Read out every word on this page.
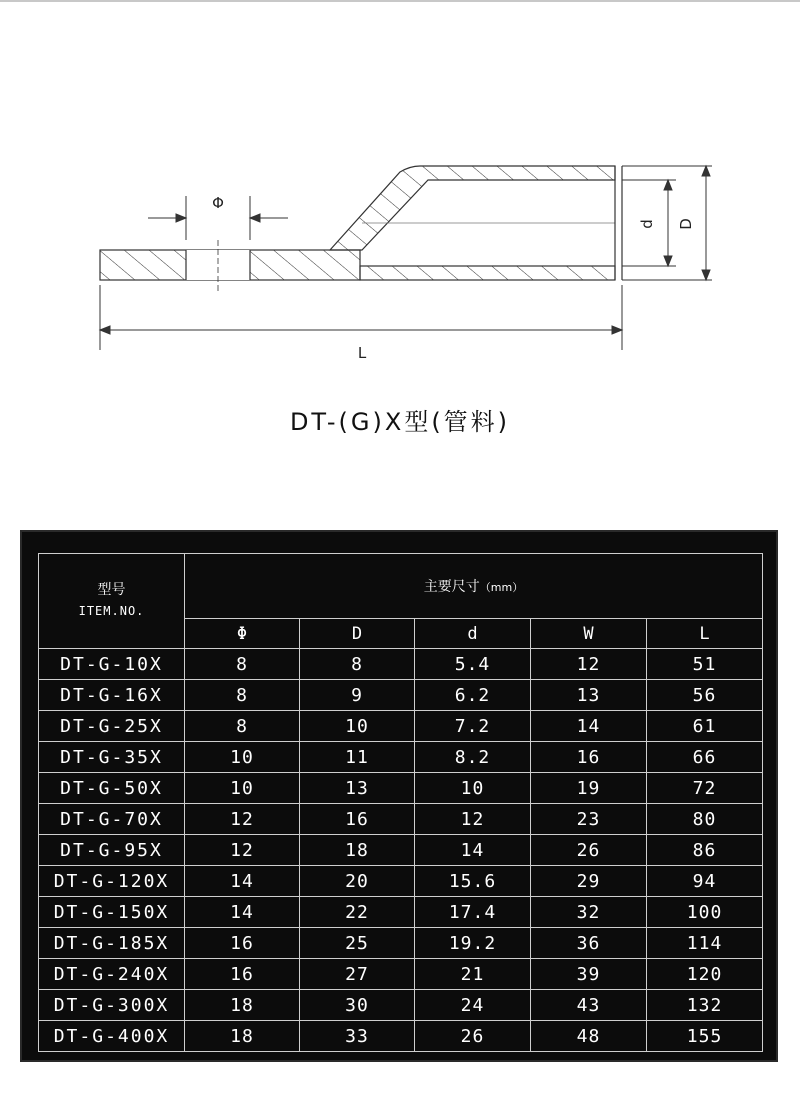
Φ
d D
L
DT-(G)X型(管料)
型号
ITEM.NO.	主要尺寸（mm）				
	Φ	D	d	W	L
DT-G-10X	8	8	5.4	12	51
DT-G-16X	8	9	6.2	13	56
DT-G-25X	8	10	7.2	14	61
DT-G-35X	10	11	8.2	16	66
DT-G-50X	10	13	10	19	72
DT-G-70X	12	16	12	23	80
DT-G-95X	12	18	14	26	86
DT-G-120X	14	20	15.6	29	94
DT-G-150X	14	22	17.4	32	100
DT-G-185X	16	25	19.2	36	114
DT-G-240X	16	27	21	39	120
DT-G-300X	18	30	24	43	132
DT-G-400X	18	33	26	48	155
